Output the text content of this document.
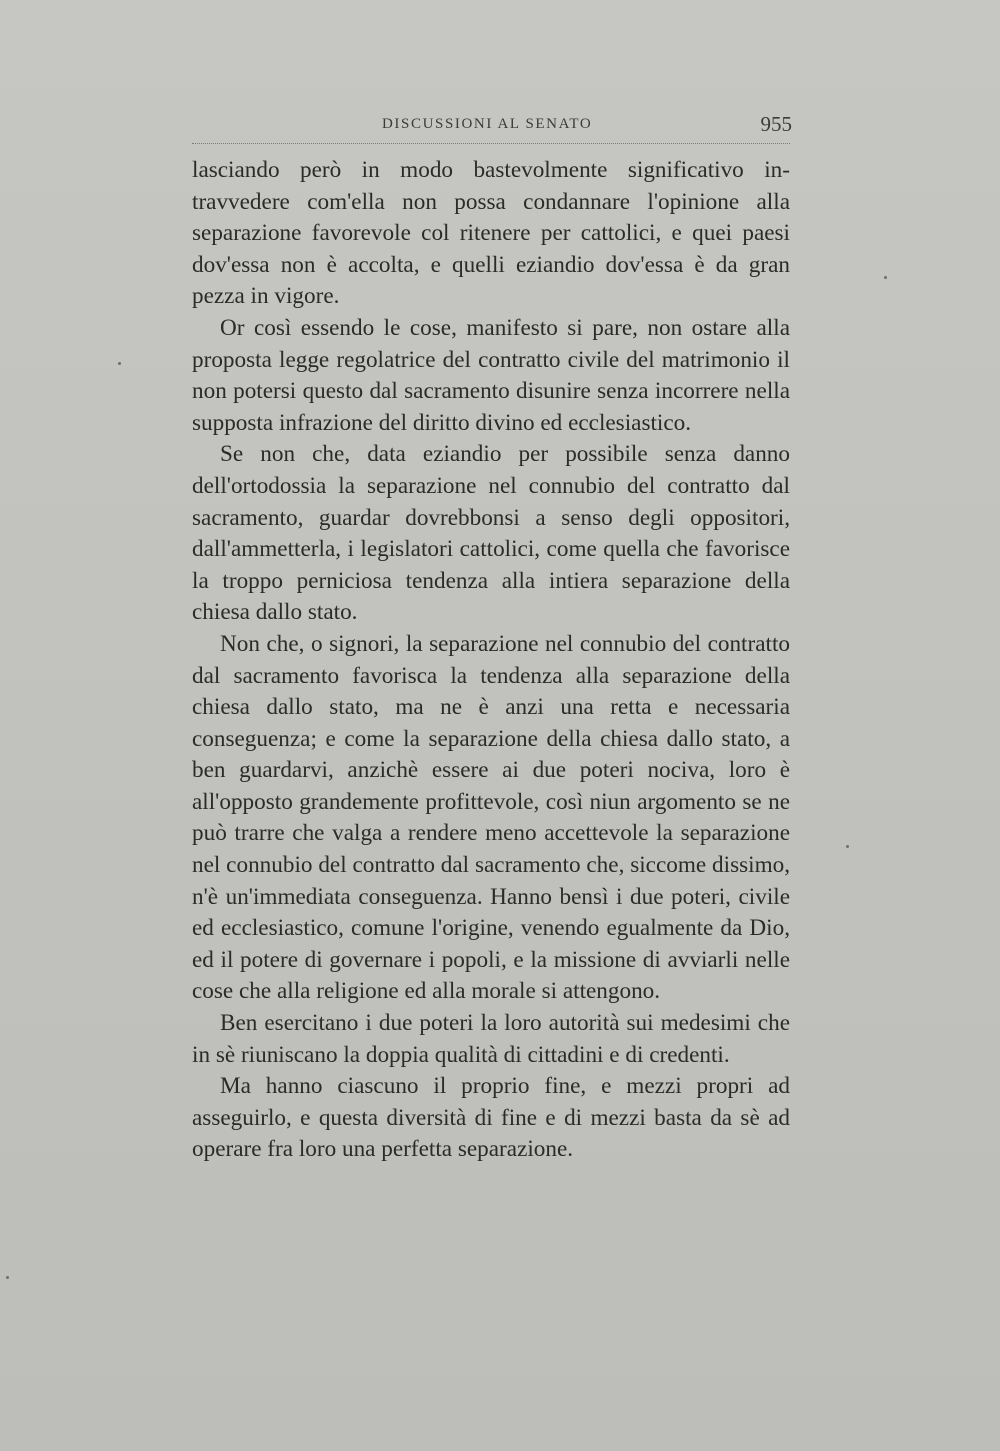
DISCUSSIONI AL SENATO	955

lasciando però in modo bastevolmente significativo intravvedere com'ella non possa condannare l'opinione alla separazione favorevole col ritenere per cattolici, e quei paesi dov'essa non è accolta, e quelli eziandio dov'essa è da gran pezza in vigore.

Or così essendo le cose, manifesto si pare, non ostare alla proposta legge regolatrice del contratto civile del matrimonio il non potersi questo dal sacramento disunire senza incorrere nella supposta infrazione del diritto divino ed ecclesiastico.

Se non che, data eziandio per possibile senza danno dell'ortodossia la separazione nel connubio del contratto dal sacramento, guardar dovrebbonsi a senso degli oppositori, dall'ammetterla, i legislatori cattolici, come quella che favorisce la troppo perniciosa tendenza alla intiera separazione della chiesa dallo stato.

Non che, o signori, la separazione nel connubio del contratto dal sacramento favorisca la tendenza alla separazione della chiesa dallo stato, ma ne è anzi una retta e necessaria conseguenza; e come la separazione della chiesa dallo stato, a ben guardarvi, anzichè essere ai due poteri nociva, loro è all'opposto grandemente profittevole, così niun argomento se ne può trarre che valga a rendere meno accettevole la separazione nel connubio del contratto dal sacramento che, siccome dissimo, n'è un'immediata conseguenza. Hanno bensì i due poteri, civile ed ecclesiastico, comune l'origine, venendo egualmente da Dio, ed il potere di governare i popoli, e la missione di avviarli nelle cose che alla religione ed alla morale si attengono.

Ben esercitano i due poteri la loro autorità sui medesimi che in sè riuniscano la doppia qualità di cittadini e di credenti.

Ma hanno ciascuno il proprio fine, e mezzi propri ad asseguirlo, e questa diversità di fine e di mezzi basta da sè ad operare fra loro una perfetta separazione.
